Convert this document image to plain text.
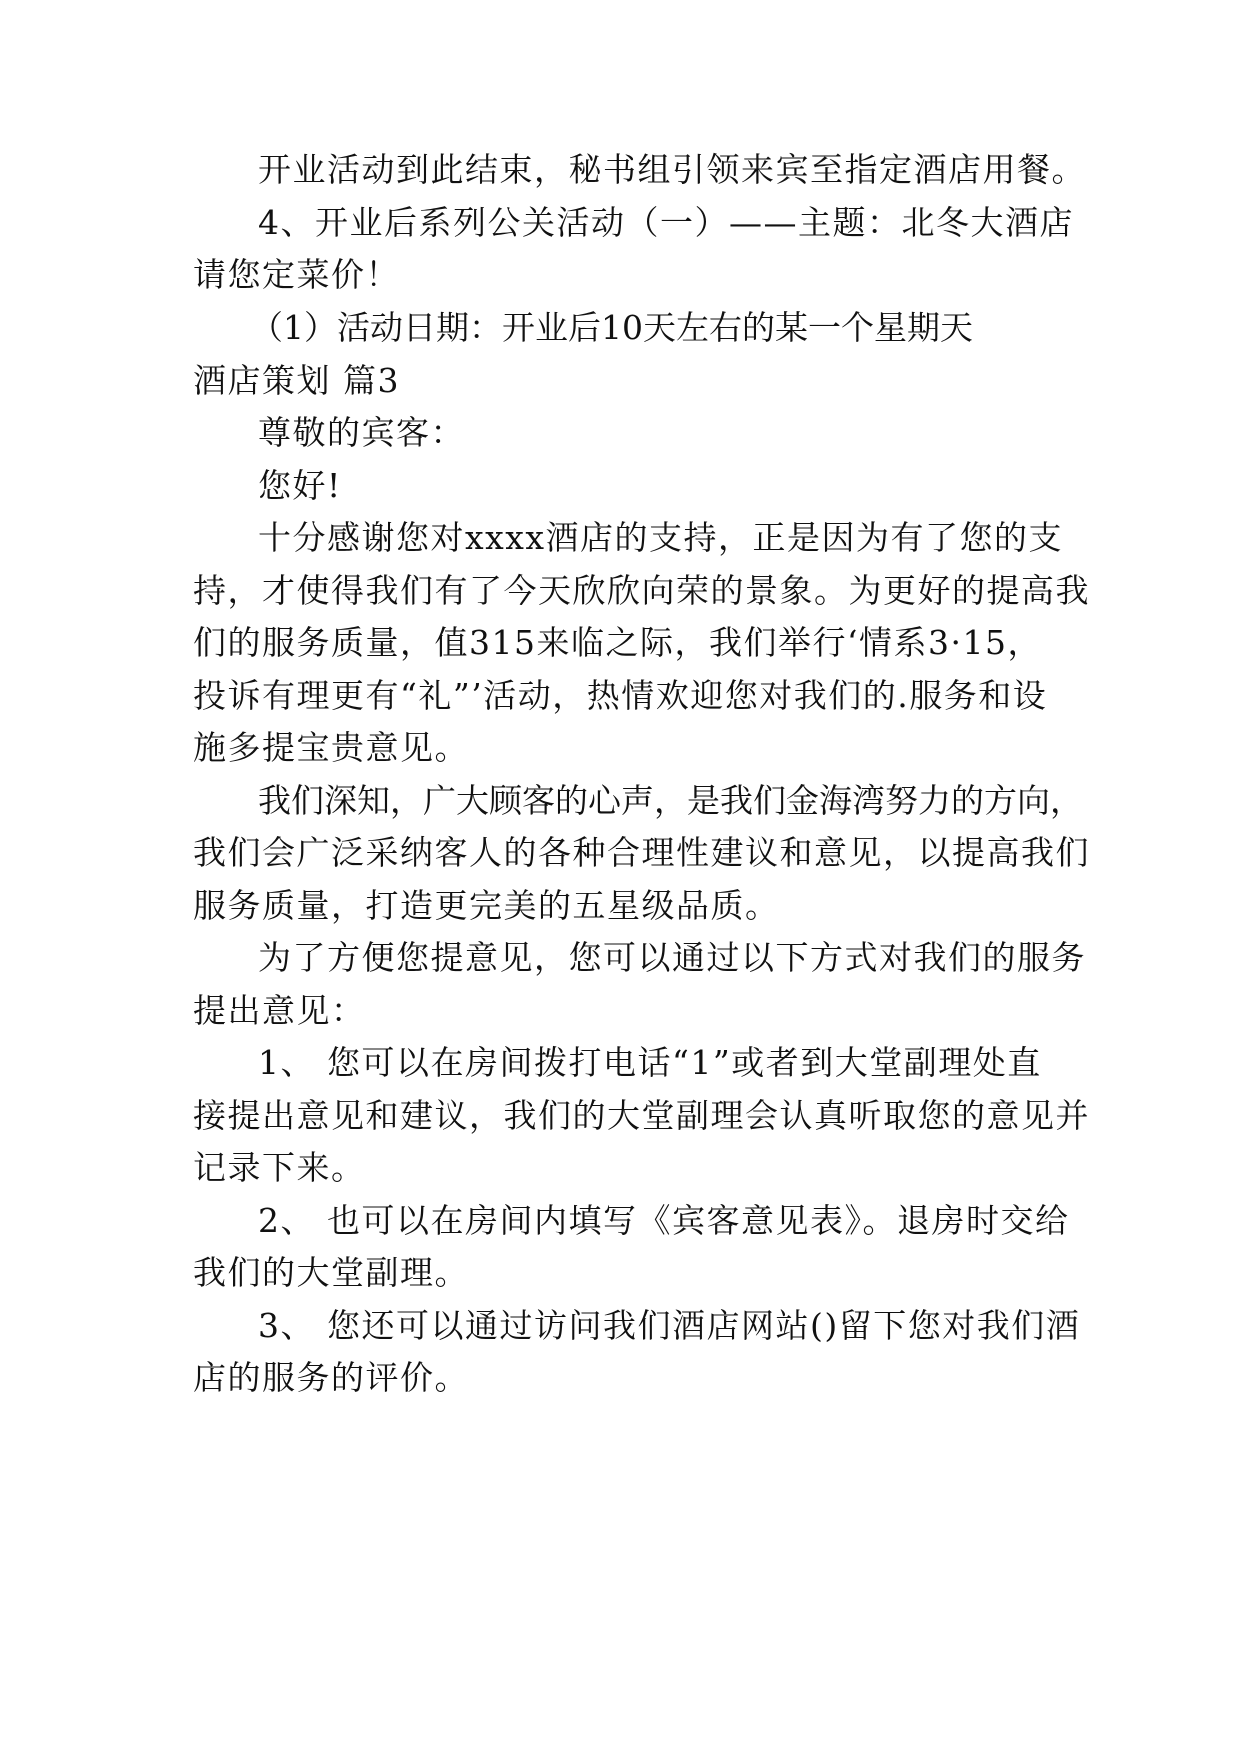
开业活动到此结束，秘书组引领来宾至指定酒店用餐。
4、开业后系列公关活动（一）——主题：北冬大酒店
请您定菜价！
（1）活动日期：开业后10天左右的某一个星期天
酒店策划 篇3
尊敬的宾客：
您好!
十分感谢您对xxxx酒店的支持，正是因为有了您的支
持，才使得我们有了今天欣欣向荣的景象。为更好的提高我
们的服务质量，值315来临之际，我们举行‘情系3·15，
投诉有理更有“礼”’活动，热情欢迎您对我们的.服务和设
施多提宝贵意见。
我们深知，广大顾客的心声，是我们金海湾努力的方向，
我们会广泛采纳客人的各种合理性建议和意见，以提高我们
服务质量，打造更完美的五星级品质。
为了方便您提意见，您可以通过以下方式对我们的服务
提出意见：
1、 您可以在房间拨打电话“1”或者到大堂副理处直
接提出意见和建议，我们的大堂副理会认真听取您的意见并
记录下来。
2、 也可以在房间内填写《宾客意见表》。退房时交给
我们的大堂副理。
3、 您还可以通过访问我们酒店网站()留下您对我们酒
店的服务的评价。
